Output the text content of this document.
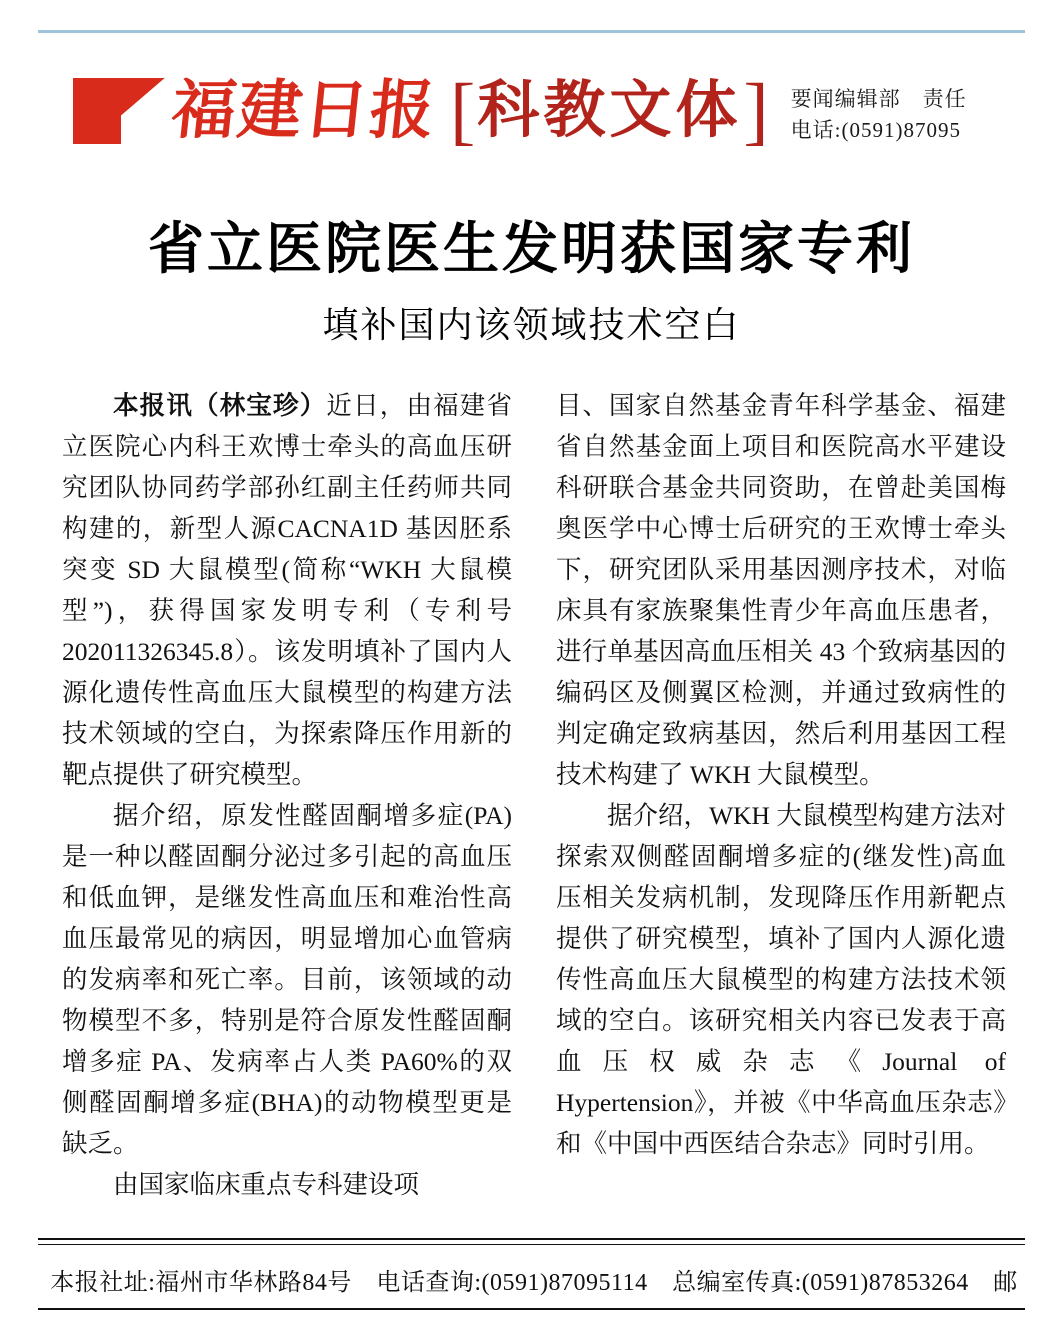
福建日报 [ 科教文体 ] 要闻编辑部　责任
电话:(0591)87095
省立医院医生发明获国家专利
填补国内该领域技术空白

本报讯（林宝珍）近日，由福建省立医院心内科王欢博士牵头的高血压研究团队协同药学部孙红副主任药师共同构建的，新型人源CACNA1D 基因胚系突变 SD 大鼠模型(简称“WKH 大鼠模型”)，获得国家发明专利（专利号202011326345.8）。该发明填补了国内人源化遗传性高血压大鼠模型的构建方法技术领域的空白，为探索降压作用新的靶点提供了研究模型。

据介绍，原发性醛固酮增多症(PA)是一种以醛固酮分泌过多引起的高血压和低血钾，是继发性高血压和难治性高血压最常见的病因，明显增加心血管病的发病率和死亡率。目前，该领域的动物模型不多，特别是符合原发性醛固酮增多症 PA、发病率占人类 PA60%的双侧醛固酮增多症(BHA)的动物模型更是缺乏。

由国家临床重点专科建设项

目、国家自然基金青年科学基金、福建省自然基金面上项目和医院高水平建设科研联合基金共同资助，在曾赴美国梅奥医学中心博士后研究的王欢博士牵头下，研究团队采用基因测序技术，对临床具有家族聚集性青少年高血压患者，进行单基因高血压相关 43 个致病基因的编码区及侧翼区检测，并通过致病性的判定确定致病基因，然后利用基因工程技术构建了 WKH 大鼠模型。

据介绍，WKH 大鼠模型构建方法对探索双侧醛固酮增多症的(继发性)高血压相关发病机制，发现降压作用新靶点提供了研究模型，填补了国内人源化遗传性高血压大鼠模型的构建方法技术领域的空白。该研究相关内容已发表于高血压权威杂志《Journal of Hypertension》，并被《中华高血压杂志》和《中国中西医结合杂志》同时引用。

本报社址:福州市华林路84号 电话查询:(0591)87095114 总编室传真:(0591)87853264 邮
